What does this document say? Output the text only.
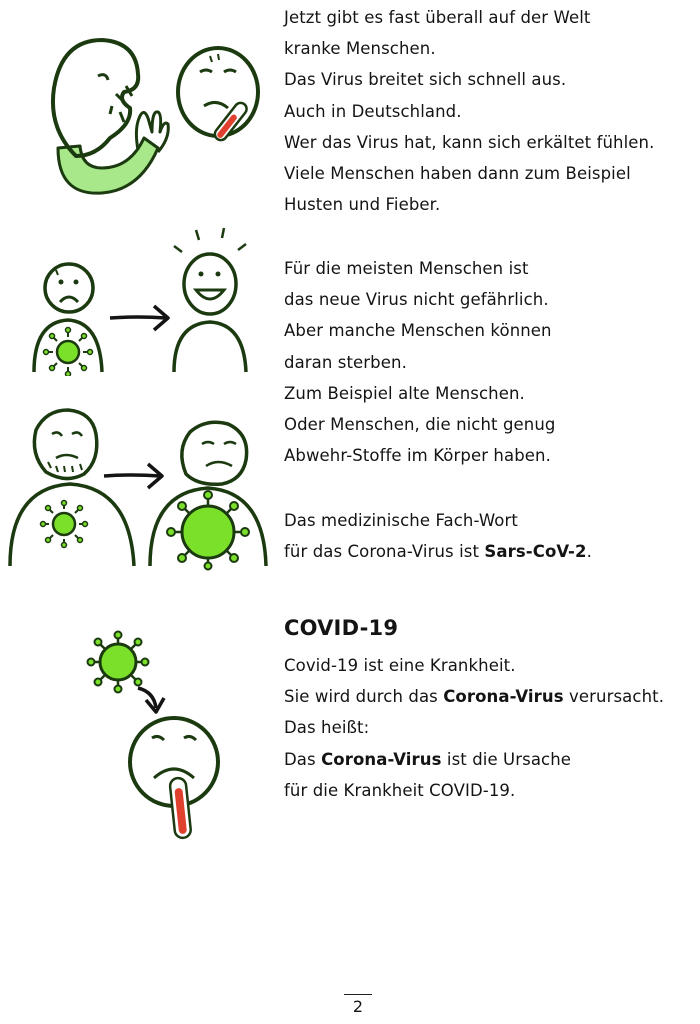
Jetzt gibt es fast überall auf der Welt
kranke Menschen.
Das Virus breitet sich schnell aus.
Auch in Deutschland.
Wer das Virus hat, kann sich erkältet fühlen.
Viele Menschen haben dann zum Beispiel
Husten und Fieber.
Für die meisten Menschen ist
das neue Virus nicht gefährlich.
Aber manche Menschen können
daran sterben.
Zum Beispiel alte Menschen.
Oder Menschen, die nicht genug
Abwehr-Stoffe im Körper haben.
Das medizinische Fach-Wort
für das Corona-Virus ist Sars-CoV-2.
COVID-19
Covid-19 ist eine Krankheit.
Sie wird durch das Corona-Virus verursacht.
Das heißt:
Das Corona-Virus ist die Ursache
für die Krankheit COVID-19.
2
